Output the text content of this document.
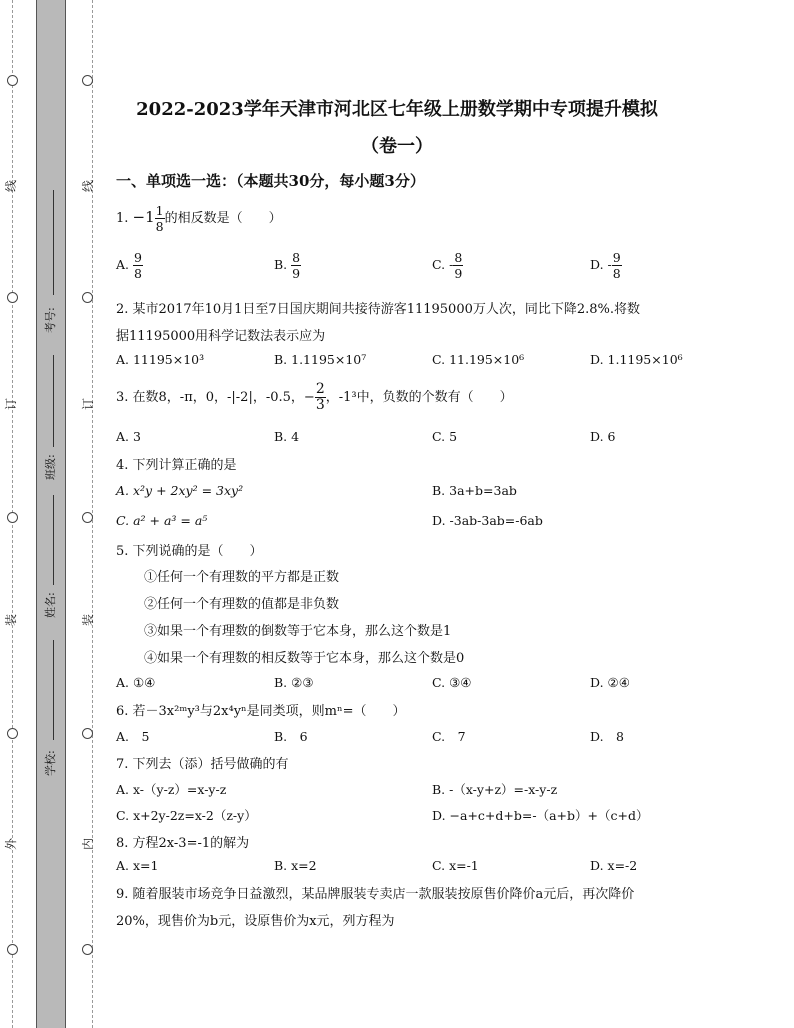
线
订
装
外
线
订
装
内
考号:
班级:
姓名:
学校:
2022-2023学年天津市河北区七年级上册数学期中专项提升模拟
（卷一）
一、单项选一选：（本题共30分，每小题3分）
1. $-1 \frac{1}{8}$ 的相反数是（　　）
A. $\frac{9}{8}$	B. $\frac{8}{9}$	C. - $\frac{8}{9}$	D. - $\frac{9}{8}$
2. 某市2017年10月1日至7日国庆期间共接待游客11195000万人次，同比下降2.8%.将数
据11195000用科学记数法表示应为
A. 11195×10³	B. 1.1195×10⁷	C. 11.195×10⁶	D. 1.1195×10⁶
3. 在数8，-π，0，-|-2|，-0.5，− $\frac{2}{3}$ ，-1³中，负数的个数有（　　）
A. 3	B. 4	C. 5	D. 6
4. 下列计算正确的是
A. x²y + 2xy² = 3xy²	B. 3a+b=3ab
C. a² + a³ = a⁵	D. -3ab-3ab=-6ab
5. 下列说确的是（　　）
①任何一个有理数的平方都是正数
②任何一个有理数的值都是非负数
③如果一个有理数的倒数等于它本身，那么这个数是1
④如果一个有理数的相反数等于它本身，那么这个数是0
A. ①④	B. ②③	C. ③④	D. ②④
6. 若－3x²ᵐy³与2x⁴yⁿ是同类项，则mⁿ=（　　）
A.　5	B.　6	C.　7	D.　8
7. 下列去（添）括号做确的有
A. x-（y-z）=x-y-z	B. -（x-y+z）=-x-y-z
C. x+2y-2z=x-2（z-y）	D. −a+c+d+b=-（a+b）+（c+d）
8. 方程2x-3=-1的解为
A. x=1	B. x=2	C. x=-1	D. x=-2
9. 随着服装市场竞争日益激烈，某品牌服装专卖店一款服装按原售价降价a元后，再次降价
20%，现售价为b元，设原售价为x元，列方程为
